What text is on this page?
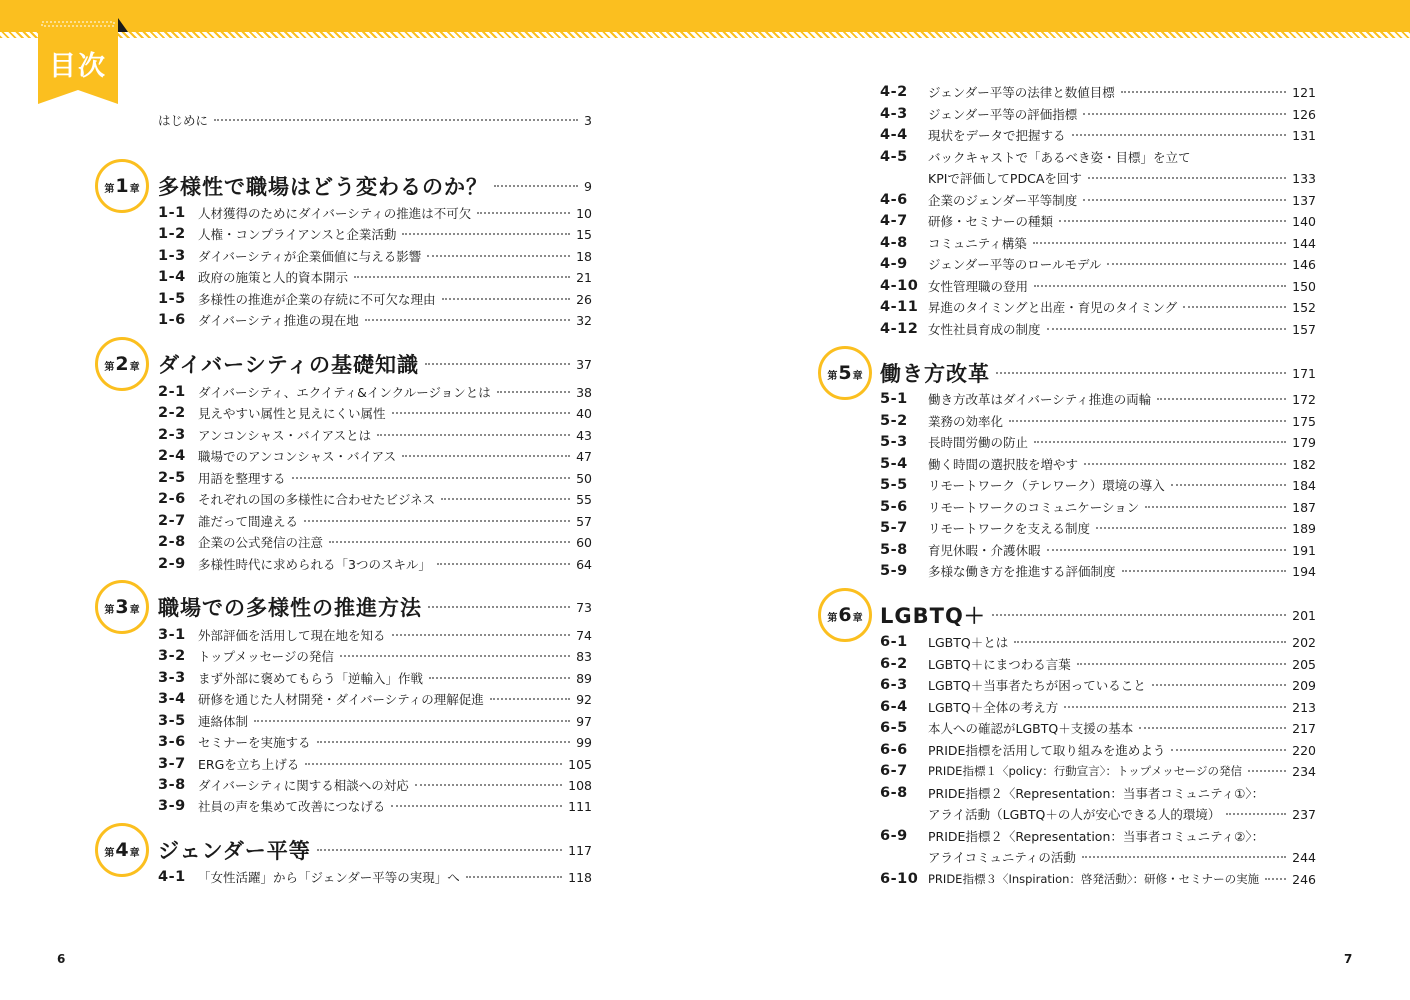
目次
はじめに	3
多様性で職場はどう変わるのか？	9
1-1 人材獲得のためにダイバーシティの推進は不可欠	10
1-2 人権・コンプライアンスと企業活動	15
1-3 ダイバーシティが企業価値に与える影響	18
1-4 政府の施策と人的資本開示	21
1-5 多様性の推進が企業の存続に不可欠な理由	26
1-6 ダイバーシティ推進の現在地	32
ダイバーシティの基礎知識	37
2-1 ダイバーシティ、エクイティ&インクルージョンとは	38
2-2 見えやすい属性と見えにくい属性	40
2-3 アンコンシャス・バイアスとは	43
2-4 職場でのアンコンシャス・バイアス	47
2-5 用語を整理する	50
2-6 それぞれの国の多様性に合わせたビジネス	55
2-7 誰だって間違える	57
2-8 企業の公式発信の注意	60
2-9 多様性時代に求められる「3つのスキル」	64
職場での多様性の推進方法	73
3-1 外部評価を活用して現在地を知る	74
3-2 トップメッセージの発信	83
3-3 まず外部に褒めてもらう「逆輸入」作戦	89
3-4 研修を通じた人材開発・ダイバーシティの理解促進	92
3-5 連絡体制	97
3-6 セミナーを実施する	99
3-7 ERGを立ち上げる	105
3-8 ダイバーシティに関する相談への対応	108
3-9 社員の声を集めて改善につなげる	111
ジェンダー平等	117
4-1 「女性活躍」から「ジェンダー平等の実現」へ	118
第 1 章
第 2 章
第 3 章
第 4 章
4-2	ジェンダー平等の法律と数値目標	121
4-3	ジェンダー平等の評価指標	126
4-4	現状をデータで把握する	131
4-5	バックキャストで「あるべき姿・目標」を立て
KPIで評価してPDCAを回す	133
4-6	企業のジェンダー平等制度	137
4-7	研修・セミナーの種類	140
4-8	コミュニティ構築	144
4-9	ジェンダー平等のロールモデル	146
4-10 女性管理職の登用	150
4-11 昇進のタイミングと出産・育児のタイミング	152
4-12 女性社員育成の制度	157
働き方改革	171
5-1	働き方改革はダイバーシティ推進の両輪	172
5-2	業務の効率化	175
5-3	長時間労働の防止	179
5-4	働く時間の選択肢を増やす	182
5-5	リモートワーク（テレワーク）環境の導入	184
5-6	リモートワークのコミュニケーション	187
5-7	リモートワークを支える制度	189
5-8	育児休暇・介護休暇	191
5-9	多様な働き方を推進する評価制度	194
LGBTQ＋	201
6-1	LGBTQ＋とは	202
6-2	LGBTQ＋にまつわる言葉	205
6-3	LGBTQ＋当事者たちが困っていること	209
6-4	LGBTQ＋全体の考え方	213
6-5	本人への確認がLGBTQ＋支援の基本	217
6-6	PRIDE指標を活用して取り組みを進めよう	220
6-7	PRIDE指標１〈policy：行動宣言〉：トップメッセージの発信	234
6-8	PRIDE指標２〈Representation：当事者コミュニティ①〉：
アライ活動（LGBTQ＋の人が安心できる人的環境）	237
6-9	PRIDE指標２〈Representation：当事者コミュニティ②〉：
アライコミュニティの活動	244
6-10 PRIDE指標３〈Inspiration：啓発活動〉：研修・セミナーの実施	246
第 5 章
第 6 章
6	7
